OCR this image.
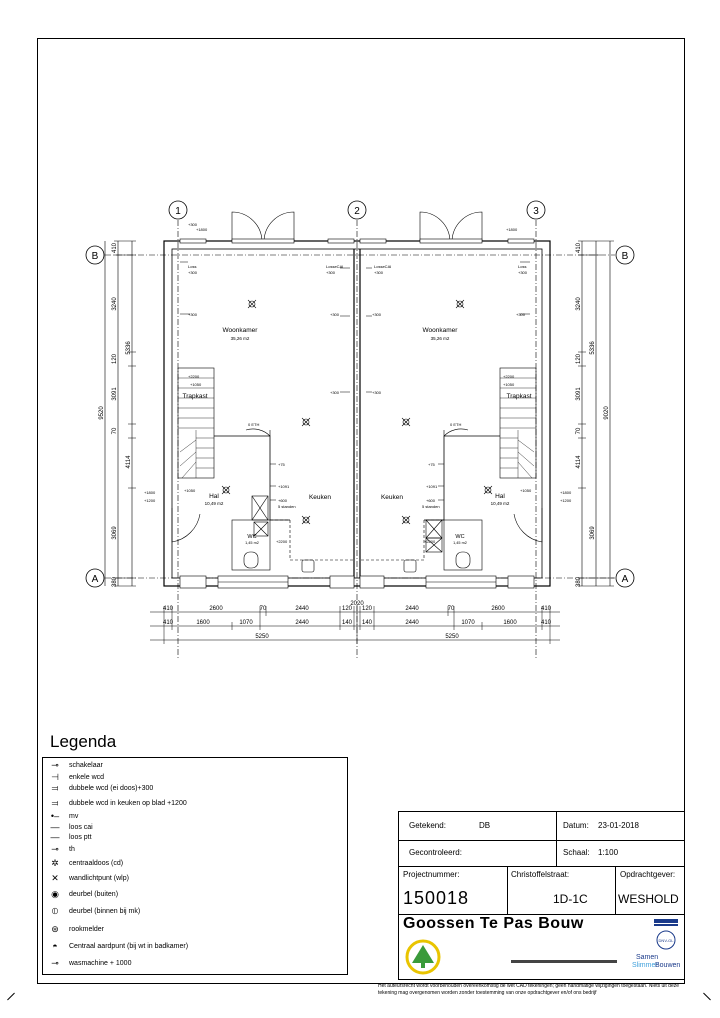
1	2	3
B	B
A	A
Woonkamer
35,26 m2
Woonkamer
35,26 m2
Trapkast	Trapkast
Keuken	Keuken
Hal
10,49 m2
Hal
10,49 m2
WC
1,45 m2
WC
1,45 m2
+1800
+300
+1800
Loss
+300
Loss
+300
LosseCAI	LosseCAI
+300	+300
+300	+300
+300	+300
+300	+300
+2200	+2200
+1050	+1050
0 ETH	0 ETH
+75	+75
+1091	+1091
+600	+600
5 standen	5 standen
+1050	+1050
+1800
+1200
+1800
+1200
+2200	+2200
410
3240
120
3091
70
4114
3069
380
5336
9520
410
3240
120
3091
70
4114
3069
380
5336
9020
2020
410	2600	70	2440	120 120	2440	70	2600	410
410	1600	1070	2440	140 140	2440	1070	1600	410
5250	5250
Legenda
⊸	schakelaar
⊣	enkele wcd
⫤	dubbele wcd (ei doos)+300
⫤	dubbele wcd in keuken op blad +1200
•–	mv
—	loos cai
—	loos ptt
⊸	th
✲	centraaldoos (cd)
✕	wandlichtpunt (wlp)
◉	deurbel (buiten)
⦶	deurbel (binnen bij mk)
⊛	rookmelder
◓	Centraal aardpunt (bij wt in badkamer)
⊸	wasmachine + 1000
Getekend:	DB	Datum: 23-01-2018
Gecontroleerd:	Schaal: 1:100
Projectnummer:
150018
Christoffelstraat:
1D-1C
Opdrachtgever:
WESHOLD
Goossen Te Pas Bouw
DNV-GL
Samen
Slimmer
Bouwen
Het auteursrecht wordt voorbehouden overeenkomstig de wet CAD tekeningen; geen handmatige wijzigingen toegestaan. Niets uit deze tekening mag overgenomen worden zonder toestemming van onze opdrachtgever en/of ons bedrijf
